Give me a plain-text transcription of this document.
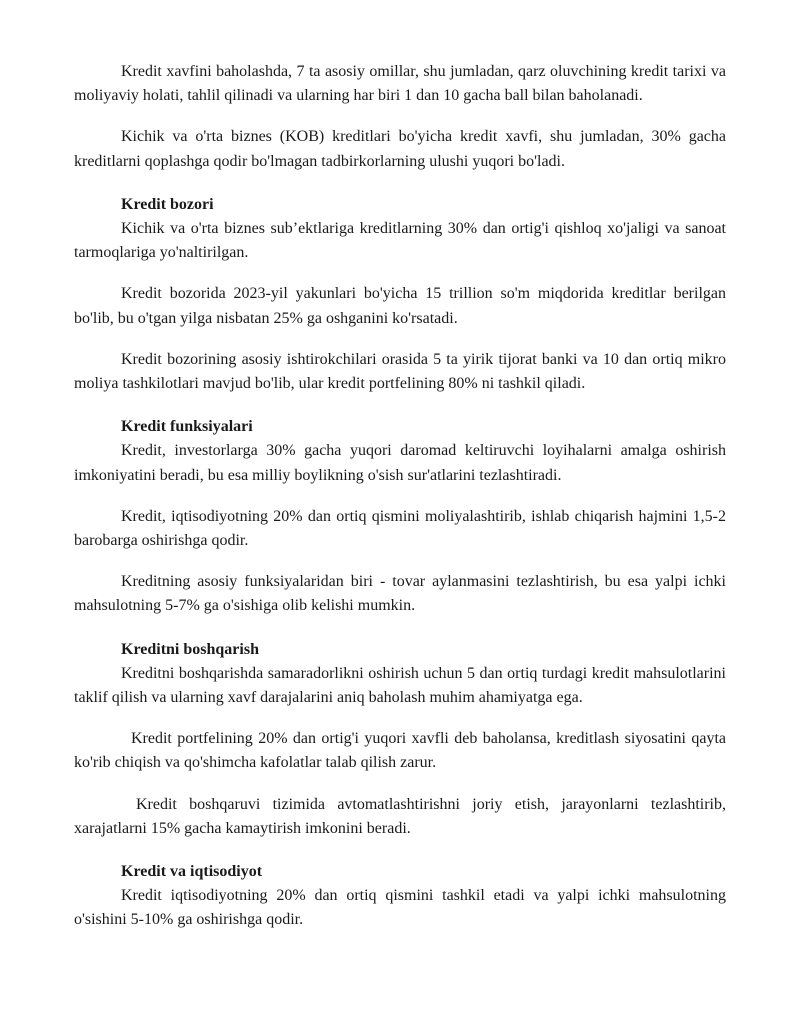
Kredit xavfini baholashda, 7 ta asosiy omillar, shu jumladan, qarz oluvchining kredit tarixi va moliyaviy holati, tahlil qilinadi va ularning har biri 1 dan 10 gacha ball bilan baholanadi.

Kichik va o'rta biznes (KOB) kreditlari bo'yicha kredit xavfi, shu jumladan, 30% gacha kreditlarni qoplashga qodir bo'lmagan tadbirkorlarning ulushi yuqori bo'ladi.

Kredit bozori

Kichik va o'rta biznes sub’ektlariga kreditlarning 30% dan ortig'i qishloq xo'jaligi va sanoat tarmoqlariga yo'naltirilgan.

Kredit bozorida 2023-yil yakunlari bo'yicha 15 trillion so'm miqdorida kreditlar berilgan bo'lib, bu o'tgan yilga nisbatan 25% ga oshganini ko'rsatadi.

Kredit bozorining asosiy ishtirokchilari orasida 5 ta yirik tijorat banki va 10 dan ortiq mikro moliya tashkilotlari mavjud bo'lib, ular kredit portfelining 80% ni tashkil qiladi.

Kredit funksiyalari

Kredit, investorlarga 30% gacha yuqori daromad keltiruvchi loyihalarni amalga oshirish imkoniyatini beradi, bu esa milliy boylikning o'sish sur'atlarini tezlashtiradi.

Kredit, iqtisodiyotning 20% dan ortiq qismini moliyalashtirib, ishlab chiqarish hajmini 1,5-2 barobarga oshirishga qodir.

Kreditning asosiy funksiyalaridan biri - tovar aylanmasini tezlashtirish, bu esa yalpi ichki mahsulotning 5-7% ga o'sishiga olib kelishi mumkin.

Kreditni boshqarish

Kreditni boshqarishda samaradorlikni oshirish uchun 5 dan ortiq turdagi kredit mahsulotlarini taklif qilish va ularning xavf darajalarini aniq baholash muhim ahamiyatga ega.

Kredit portfelining 20% dan ortig'i yuqori xavfli deb baholansa, kreditlash siyosatini qayta ko'rib chiqish va qo'shimcha kafolatlar talab qilish zarur.

Kredit boshqaruvi tizimida avtomatlashtirishni joriy etish, jarayonlarni tezlashtirib, xarajatlarni 15% gacha kamaytirish imkonini beradi.

Kredit va iqtisodiyot

Kredit iqtisodiyotning 20% dan ortiq qismini tashkil etadi va yalpi ichki mahsulotning o'sishini 5-10% ga oshirishga qodir.
